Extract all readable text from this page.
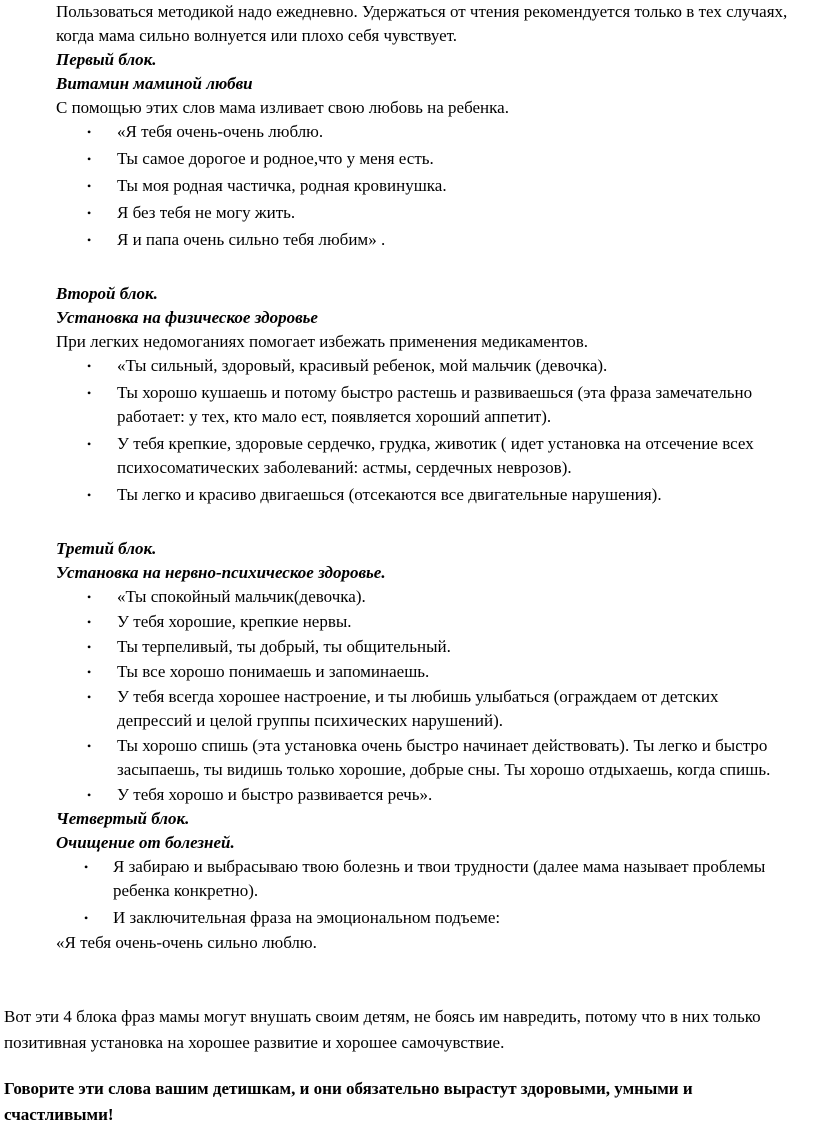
Пользоваться методикой надо ежедневно. Удержаться от чтения рекомендуется только в тех случаях, когда мама сильно волнуется или плохо себя чувствует.

Первый блок.

Витамин маминой любви

С помощью этих слов мама изливает свою любовь на ребенка.

• «Я тебя очень-очень люблю.
• Ты самое дорогое и родное,что у меня есть.
• Ты моя родная частичка, родная кровинушка.
• Я без тебя не могу жить.
• Я и папа очень сильно тебя любим» .

Второй блок.

Установка на физическое здоровье

При легких недомоганиях помогает избежать применения медикаментов.

• «Ты сильный, здоровый, красивый ребенок, мой мальчик (девочка).
• Ты хорошо кушаешь и потому быстро растешь и развиваешься (эта фраза замечательно работает: у тех, кто мало ест, появляется хороший аппетит).
• У тебя крепкие, здоровые сердечко, грудка, животик ( идет установка на отсечение всех психосоматических заболеваний: астмы, сердечных неврозов).
• Ты легко и красиво двигаешься (отсекаются все двигательные нарушения).

Третий блок.

Установка на нервно-психическое здоровье.

• «Ты спокойный мальчик(девочка).
• У тебя хорошие, крепкие нервы.
• Ты терпеливый, ты добрый, ты общительный.
• Ты все хорошо понимаешь и запоминаешь.
• У тебя всегда хорошее настроение, и ты любишь улыбаться (ограждаем от детских депрессий и целой группы психических нарушений).
• Ты хорошо спишь (эта установка очень быстро начинает действовать). Ты легко и быстро засыпаешь, ты видишь только хорошие, добрые сны. Ты хорошо отдыхаешь, когда спишь.
• У тебя хорошо и быстро развивается речь».

Четвертый блок.

Очищение от болезней.

• Я забираю и выбрасываю твою болезнь и твои трудности (далее мама называет проблемы ребенка конкретно).
• И заключительная фраза на эмоциональном подъеме:

«Я тебя очень-очень сильно люблю.

Вот эти 4 блока фраз мамы могут внушать своим детям, не боясь им навредить, потому что в них только позитивная установка на хорошее развитие и хорошее самочувствие.

Говорите эти слова вашим детишкам, и они обязательно вырастут здоровыми, умными и счастливыми!
